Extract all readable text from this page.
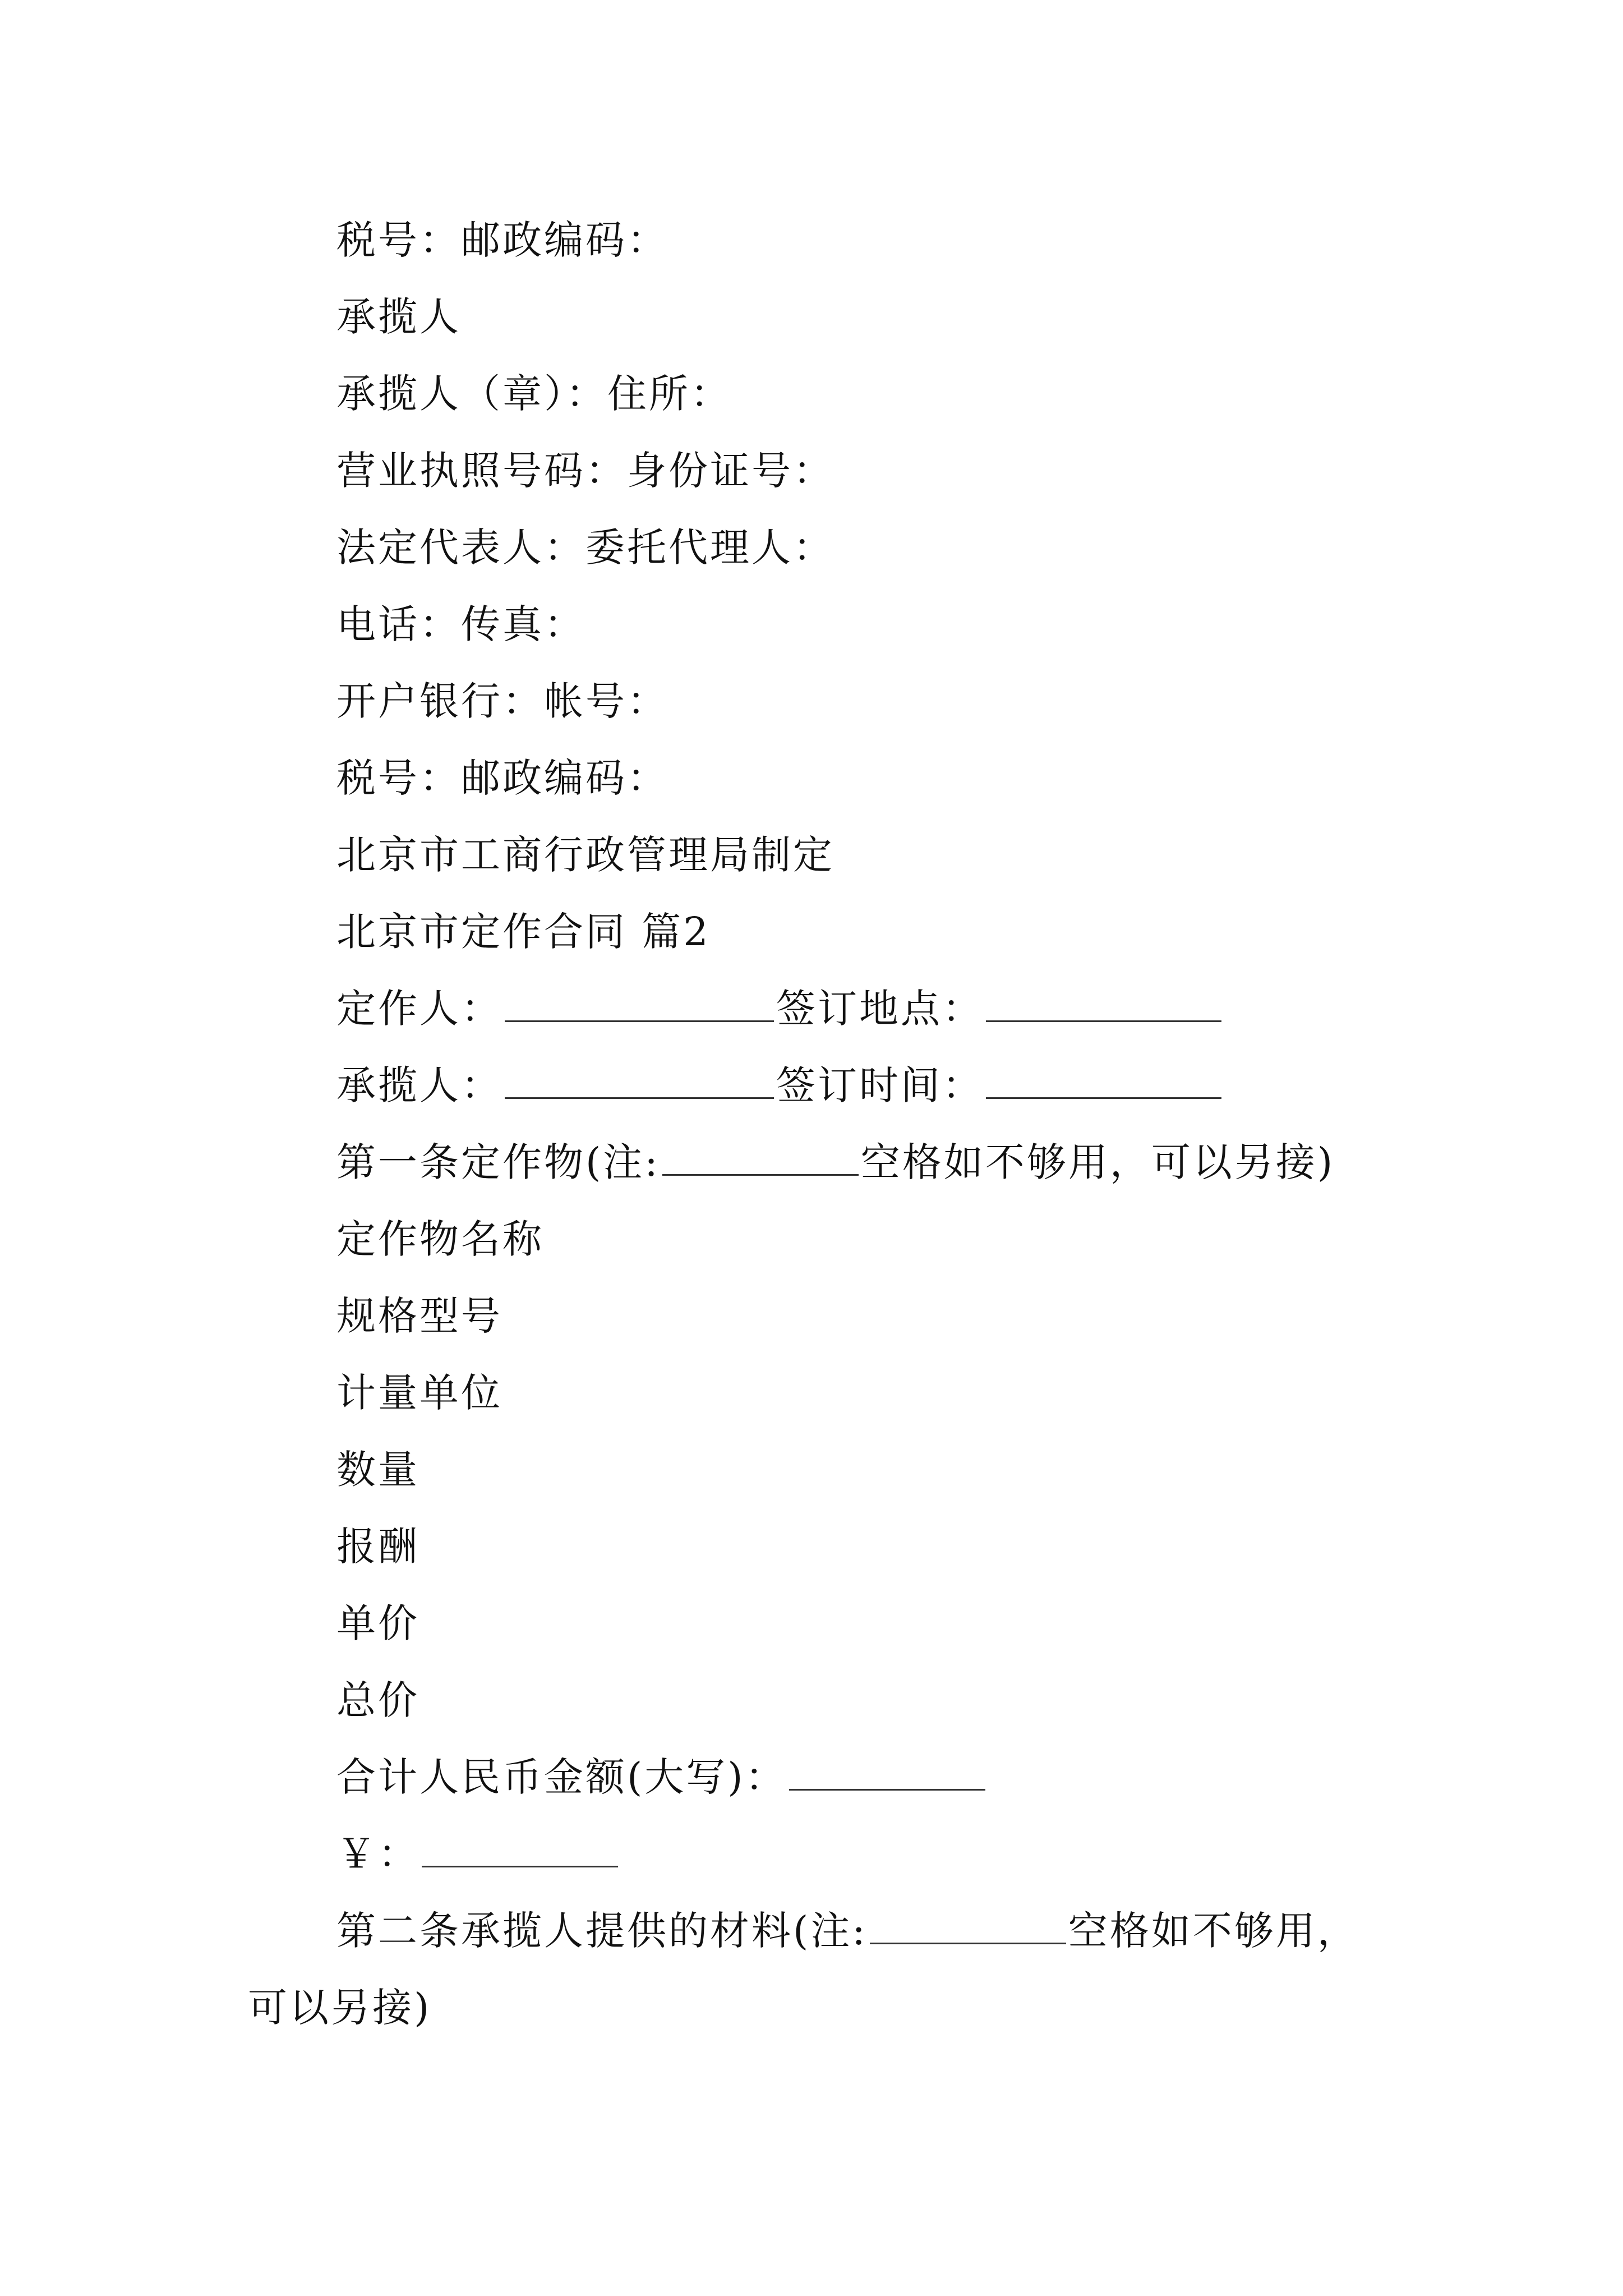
税号：邮政编码：
承揽人
承揽人（章）：住所：
营业执照号码：身份证号：
法定代表人：委托代理人：
电话：传真：
开户银行：帐号：
税号：邮政编码：
北京市工商行政管理局制定
北京市定作合同 篇2
定作人：	签订地点：
承揽人：	签订时间：
第一条定作物(注:	空格如不够用，可以另接)
定作物名称
规格型号
计量单位
数量
报酬
单价
总价
合计人民币金额(大写)：
￥：
第二条承揽人提供的材料(注:	空格如不够用，
可以另接)
